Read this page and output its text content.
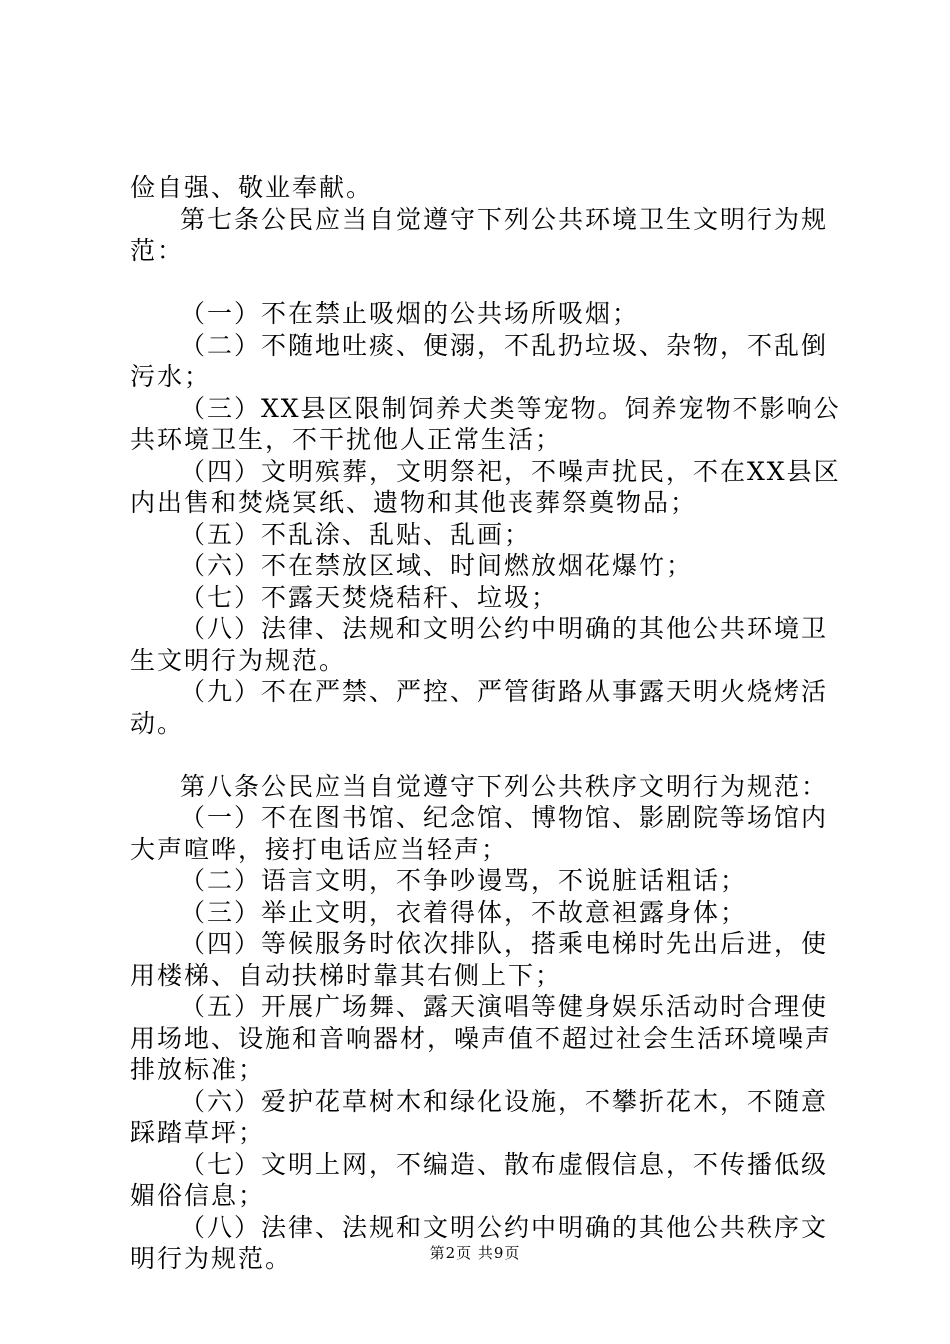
俭自强、敬业奉献。

第七条公民应当自觉遵守下列公共环境卫生文明行为规范：

（一）不在禁止吸烟的公共场所吸烟；

（二）不随地吐痰、便溺，不乱扔垃圾、杂物，不乱倒污水；

（三）XX县区限制饲养犬类等宠物。饲养宠物不影响公共环境卫生，不干扰他人正常生活；

（四）文明殡葬，文明祭祀，不噪声扰民，不在XX县区内出售和焚烧冥纸、遗物和其他丧葬祭奠物品；

（五）不乱涂、乱贴、乱画；

（六）不在禁放区域、时间燃放烟花爆竹；

（七）不露天焚烧秸秆、垃圾；

（八）法律、法规和文明公约中明确的其他公共环境卫生文明行为规范。

（九）不在严禁、严控、严管街路从事露天明火烧烤活动。

第八条公民应当自觉遵守下列公共秩序文明行为规范：

（一）不在图书馆、纪念馆、博物馆、影剧院等场馆内大声喧哗，接打电话应当轻声；

（二）语言文明，不争吵谩骂，不说脏话粗话；

（三）举止文明，衣着得体，不故意袒露身体；

（四）等候服务时依次排队，搭乘电梯时先出后进，使用楼梯、自动扶梯时靠其右侧上下；

（五）开展广场舞、露天演唱等健身娱乐活动时合理使用场地、设施和音响器材，噪声值不超过社会生活环境噪声排放标准；

（六）爱护花草树木和绿化设施，不攀折花木，不随意踩踏草坪；

（七）文明上网，不编造、散布虚假信息，不传播低级媚俗信息；

（八）法律、法规和文明公约中明确的其他公共秩序文明行为规范。	第2页 共9页
